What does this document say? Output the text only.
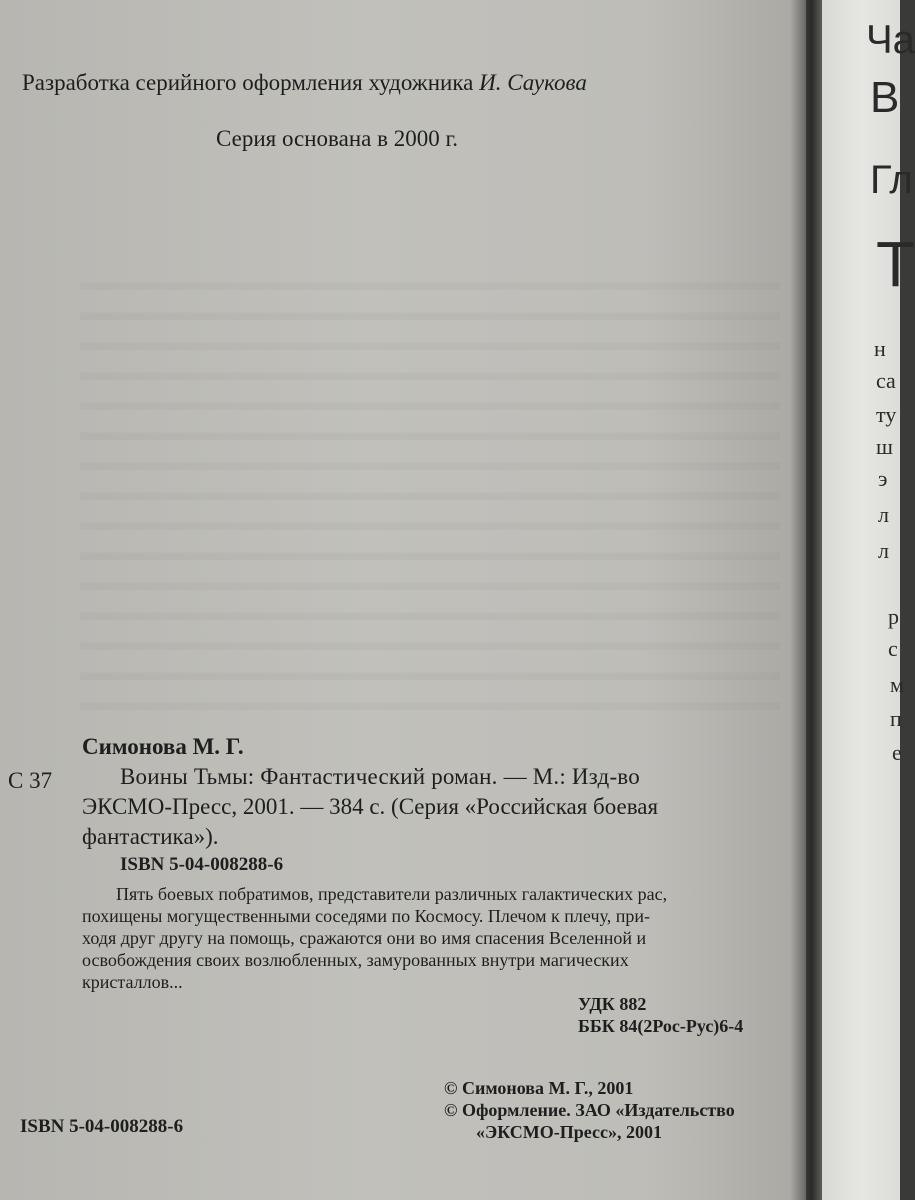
Разработка серийного оформления художника И. Саукова
Серия основана в 2000 г.
Симонова М. Г.
С 37	Воины Тьмы: Фантастический роман. — М.: Изд-во
ЭКСМО-Пресс, 2001. — 384 с. (Серия «Российская боевая
фантастика»).
ISBN 5-04-008288-6
Пять боевых побратимов, представители различных галактических рас,
похищены могущественными соседями по Космосу. Плечом к плечу, при-
ходя друг другу на помощь, сражаются они во имя спасения Вселенной и
освобождения своих возлюбленных, замурованных внутри магических
кристаллов...
УДК 882
ББК 84(2Рос-Рус)6-4
© Симонова М. Г., 2001
© Оформление. ЗАО «Издательство
«ЭКСМО-Пресс», 2001
ISBN 5-04-008288-6
Ча
В
Гл
Т
н
са
ту
ш
э
л
л
р
с
м
п
е
